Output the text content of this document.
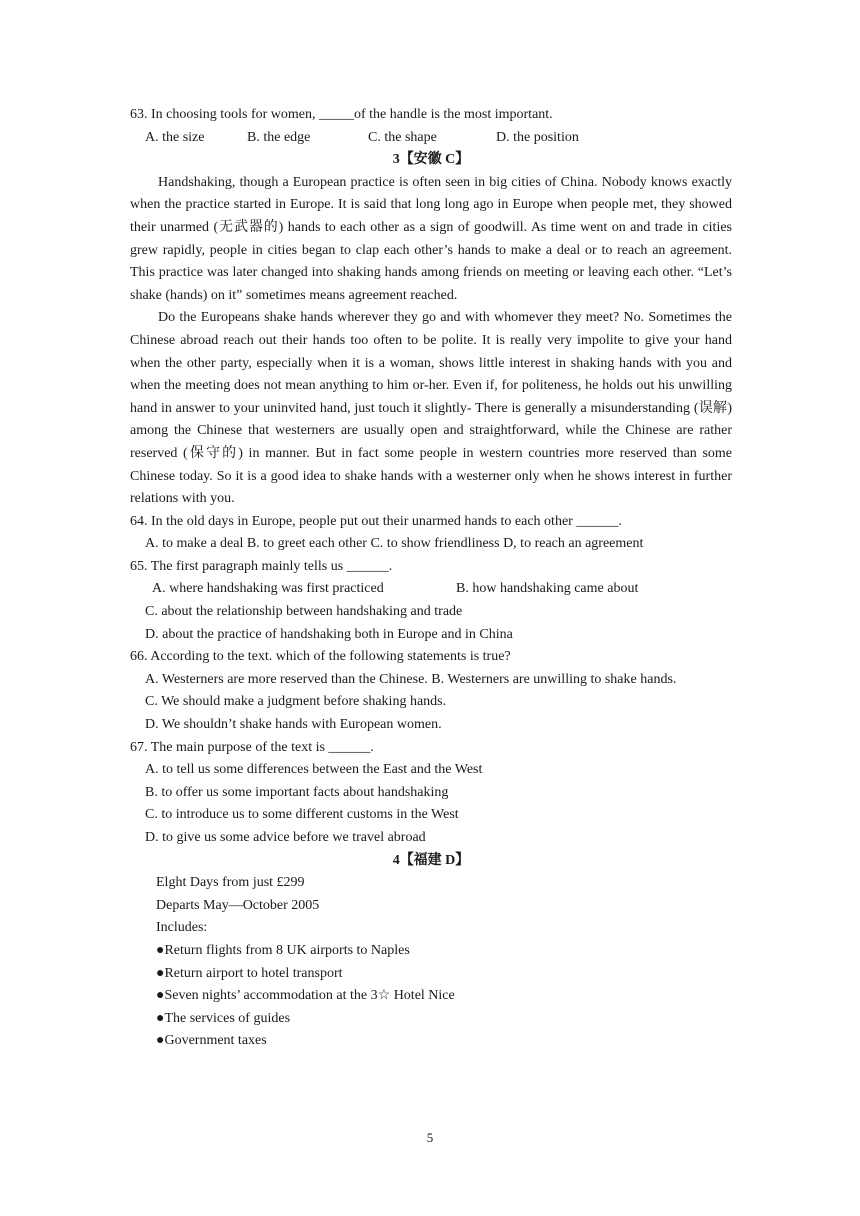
63. In choosing tools for women, _____of the handle is the most important.
A. the size	B. the edge	C. the shape	D. the position
3【安徽 C】

Handshaking, though a European practice is often seen in big cities of China. Nobody knows exactly when the practice started in Europe. It is said that long long ago in Europe when people met, they showed their unarmed (无武器的) hands to each other as a sign of goodwill. As time went on and trade in cities grew rapidly, people in cities began to clap each other’s hands to make a deal or to reach an agreement. This practice was later changed into shaking hands among friends on meeting or leaving each other. “Let’s shake (hands) on it” sometimes means agreement reached.

Do the Europeans shake hands wherever they go and with whomever they meet? No. Sometimes the Chinese abroad reach out their hands too often to be polite. It is really very impolite to give your hand when the other party, especially when it is a woman, shows little interest in shaking hands with you and when the meeting does not mean anything to him or-her. Even if, for politeness, he holds out his unwilling hand in answer to your uninvited hand, just touch it slightly- There is generally a misunderstanding (误解) among the Chinese that westerners are usually open and straightforward, while the Chinese are rather reserved (保守的) in manner. But in fact some people in western countries more reserved than some Chinese today. So it is a good idea to shake hands with a westerner only when he shows interest in further relations with you.

64. In the old days in Europe, people put out their unarmed hands to each other ______.
A. to make a deal B. to greet each other C. to show friendliness D, to reach an agreement
65. The first paragraph mainly tells us ______.
A. where handshaking was first practiced	B. how handshaking came about
C. about the relationship between handshaking and trade
D. about the practice of handshaking both in Europe and in China
66. According to the text. which of the following statements is true?
A. Westerners are more reserved than the Chinese. B. Westerners are unwilling to shake hands.
C. We should make a judgment before shaking hands.
D. We shouldn’t shake hands with European women.
67. The main purpose of the text is ______.
A. to tell us some differences between the East and the West
B. to offer us some important facts about handshaking
C. to introduce us to some different customs in the West
D. to give us some advice before we travel abroad
4【福建 D】
Elght Days from just £299
Departs May—October 2005
Includes:
●Return flights from 8 UK airports to Naples
●Return airport to hotel transport
●Seven nights’ accommodation at the 3☆ Hotel Nice
●The services of guides
●Government taxes
5
